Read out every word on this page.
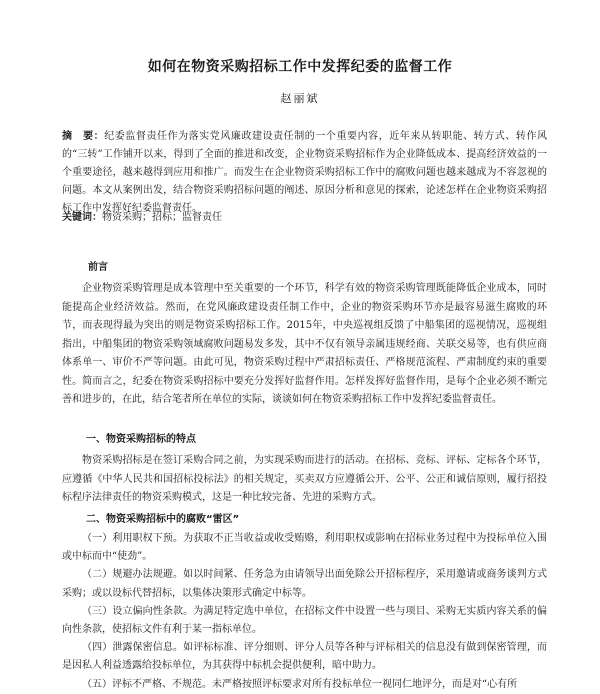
如何在物资采购招标工作中发挥纪委的监督工作
赵丽斌
摘　要：纪委监督责任作为落实党风廉政建设责任制的一个重要内容，近年来从转职能、转方式、转作风的“三转”工作铺开以来，得到了全面的推进和改变，企业物资采购招标作为企业降低成本、提高经济效益的一个重要途径，越来越得到应用和推广。而发生在企业物资采购招标工作中的腐败问题也越来越成为不容忽视的问题。本文从案例出发，结合物资采购招标问题的阐述、原因分析和意见的探索，论述怎样在企业物资采购招标工作中发挥好纪委监督责任。
关键词：物资采购；招标；监督责任
前言

企业物资采购管理是成本管理中至关重要的一个环节，科学有效的物资采购管理既能降低企业成本，同时能提高企业经济效益。然而，在党风廉政建设责任制工作中，企业的物资采购环节亦是最容易滋生腐败的环节，而表现得最为突出的则是物资采购招标工作。2015年，中央巡视组反馈了中船集团的巡视情况，巡视组指出，中船集团的物资采购领域腐败问题易发多发，其中不仅有领导亲属违规经商、关联交易等，也有供应商体系单一、审价不严等问题。由此可见，物资采购过程中严肃招标责任、严格规范流程、严肃制度约束的重要性。简而言之，纪委在物资采购招标中要充分发挥好监督作用。怎样发挥好监督作用，是每个企业必须不断完善和进步的，在此，结合笔者所在单位的实际，谈谈如何在物资采购招标工作中发挥纪委监督责任。

一、物资采购招标的特点

物资采购招标是在签订采购合同之前，为实现采购而进行的活动。在招标、竞标、评标、定标各个环节，应遵循《中华人民共和国招标投标法》的相关规定，买卖双方应遵循公开、公平、公正和诚信原则，履行招投标程序法律责任的物资采购模式，这是一种比较完备、先进的采购方式。

二、物资采购招标中的腐败“雷区”

（一）利用职权下预。为获取不正当收益或收受贿赂，利用职权或影响在招标业务过程中为投标单位入围或中标而中“使劲”。

（二）规避办法规避。如以时间紧、任务急为由请领导出面免除公开招标程序，采用邀请或商务谈判方式采购；或以设标代替招标，以集体决策形式确定中标等。

（三）设立偏向性条款。为满足特定选中单位，在招标文件中设置一些与项目、采购无实质内容关系的偏向性条款，使招标文件有利于某一指标单位。

（四）泄露保密信息。如评标标准、评分细则、评分人员等各种与评标相关的信息没有做到保密管理，而是因私人利益透露给投标单位，为其获得中标机会提供便利，暗中助力。

（五）评标不严格、不规范。未严格按照评标要求对所有投标单位一视同仁地评分，而是对“心有所
